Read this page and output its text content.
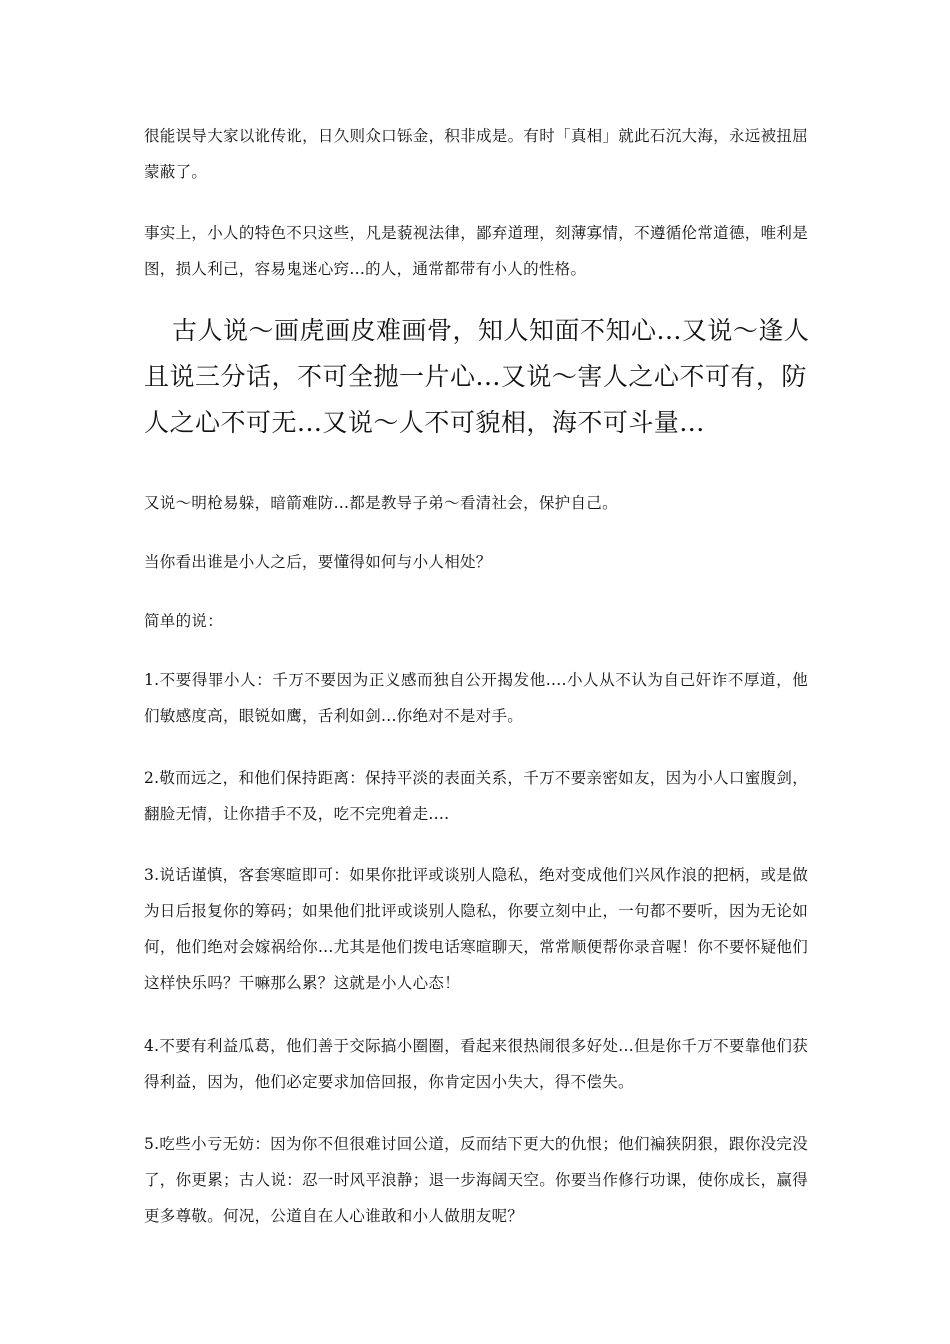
很能误导大家以讹传讹，日久则众口铄金，积非成是。有时「真相」就此石沉大海，永远被扭屈蒙蔽了。

事实上，小人的特色不只这些，凡是藐视法律，鄙弃道理，刻薄寡情，不遵循伦常道德，唯利是图，损人利己，容易鬼迷心窍...的人，通常都带有小人的性格。

古人说～画虎画皮难画骨，知人知面不知心...又说～逢人且说三分话，不可全抛一片心...又说～害人之心不可有，防人之心不可无...又说～人不可貌相，海不可斗量...

又说～明枪易躲，暗箭难防...都是教导子弟～看清社会，保护自己。

当你看出谁是小人之后，要懂得如何与小人相处？

简单的说：

1.不要得罪小人：千万不要因为正义感而独自公开揭发他....小人从不认为自己奸诈不厚道，他们敏感度高，眼锐如鹰，舌利如剑...你绝对不是对手。

2.敬而远之，和他们保持距离：保持平淡的表面关系，千万不要亲密如友，因为小人口蜜腹剑，翻脸无情，让你措手不及，吃不完兜着走....

3.说话谨慎，客套寒暄即可：如果你批评或谈别人隐私，绝对变成他们兴风作浪的把柄，或是做为日后报复你的筹码；如果他们批评或谈别人隐私，你要立刻中止，一句都不要听，因为无论如何，他们绝对会嫁祸给你...尤其是他们拨电话寒暄聊天，常常顺便帮你录音喔！你不要怀疑他们这样快乐吗？干嘛那么累？这就是小人心态！

4.不要有利益瓜葛，他们善于交际搞小圈圈，看起来很热闹很多好处...但是你千万不要靠他们获得利益，因为，他们必定要求加倍回报，你肯定因小失大，得不偿失。

5.吃些小亏无妨：因为你不但很难讨回公道，反而结下更大的仇恨；他们褊狭阴狠，跟你没完没了，你更累；古人说：忍一时风平浪静；退一步海阔天空。你要当作修行功课，使你成长，赢得更多尊敬。何况，公道自在人心谁敢和小人做朋友呢？
